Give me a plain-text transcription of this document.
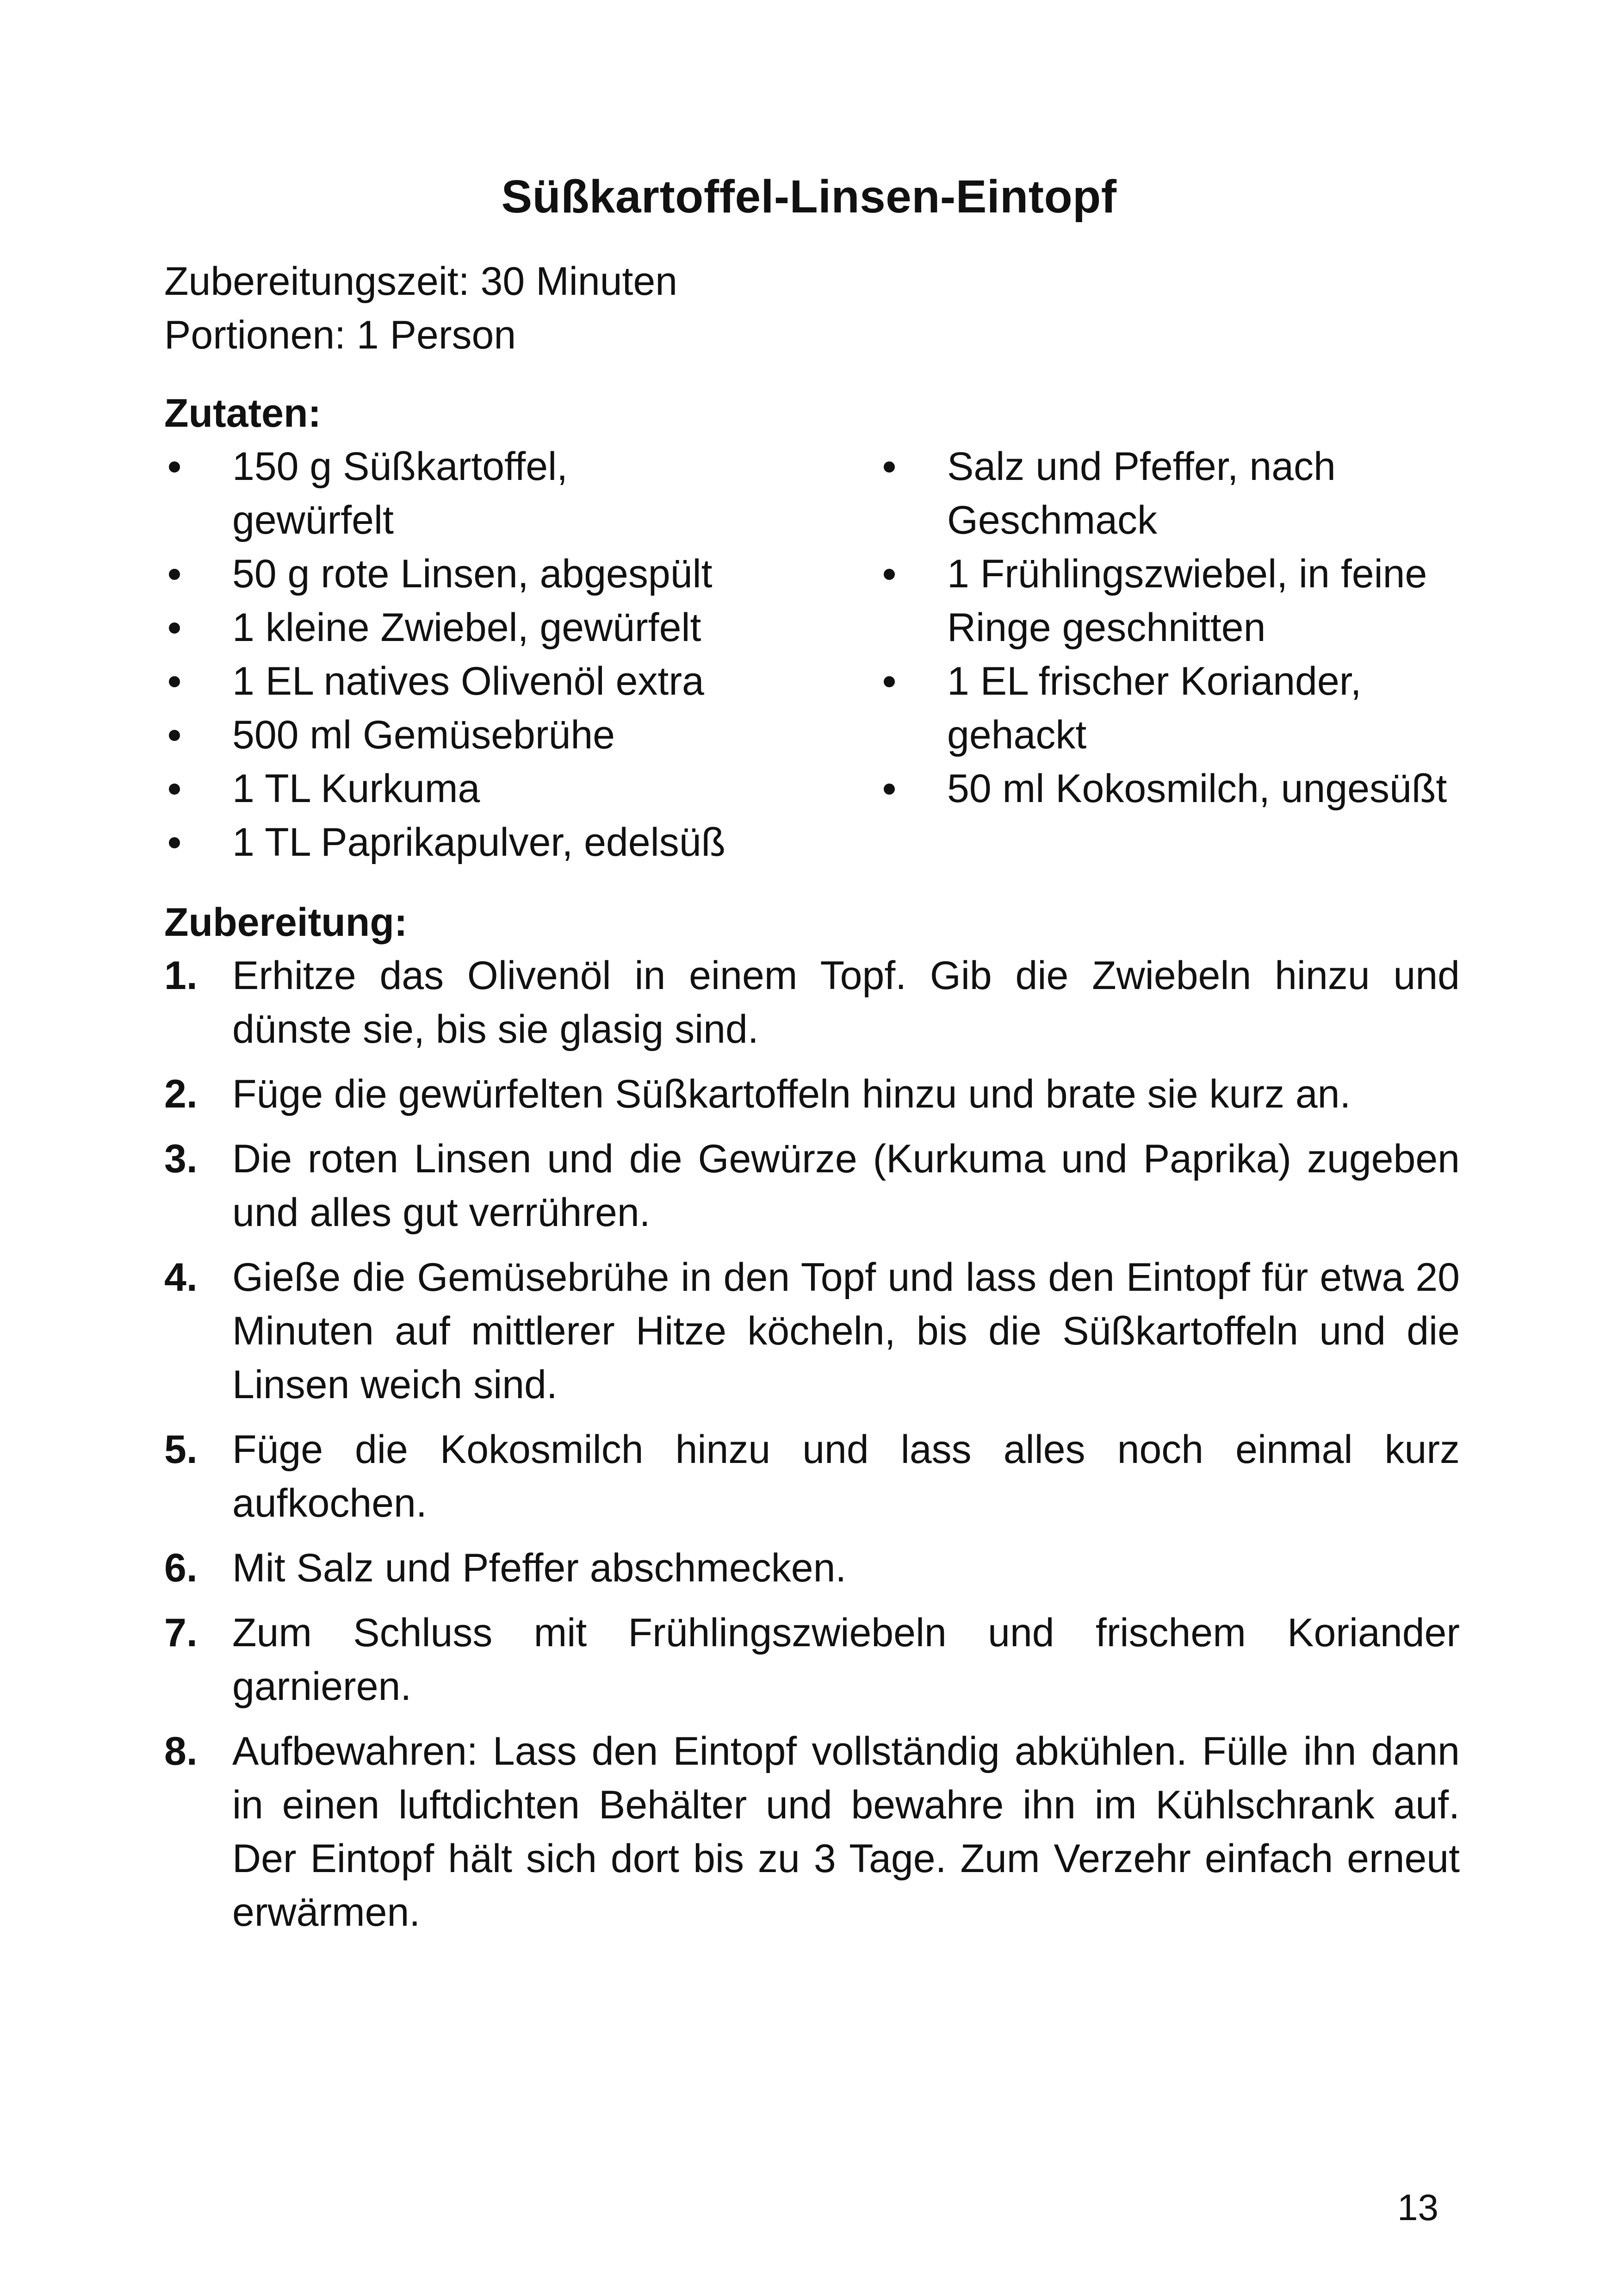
Süßkartoffel-Linsen-Eintopf
Zubereitungszeit: 30 Minuten
Portionen: 1 Person
Zutaten:
150 g Süßkartoffel, gewürfelt
50 g rote Linsen, abgespült
1 kleine Zwiebel, gewürfelt
1 EL natives Olivenöl extra
500 ml Gemüsebrühe
1 TL Kurkuma
1 TL Paprikapulver, edelsüß
Salz und Pfeffer, nach Geschmack
1 Frühlingszwiebel, in feine Ringe geschnitten
1 EL frischer Koriander, gehackt
50 ml Kokosmilch, ungesüßt
Zubereitung:
1. Erhitze das Olivenöl in einem Topf. Gib die Zwiebeln hinzu und dünste sie, bis sie glasig sind.
2. Füge die gewürfelten Süßkartoffeln hinzu und brate sie kurz an.
3. Die roten Linsen und die Gewürze (Kurkuma und Paprika) zugeben und alles gut verrühren.
4. Gieße die Gemüsebrühe in den Topf und lass den Eintopf für etwa 20 Minuten auf mittlerer Hitze köcheln, bis die Süßkartoffeln und die Linsen weich sind.
5. Füge die Kokosmilch hinzu und lass alles noch einmal kurz aufkochen.
6. Mit Salz und Pfeffer abschmecken.
7. Zum Schluss mit Frühlingszwiebeln und frischem Koriander garnieren.
8. Aufbewahren: Lass den Eintopf vollständig abkühlen. Fülle ihn dann in einen luftdichten Behälter und bewahre ihn im Kühlschrank auf. Der Eintopf hält sich dort bis zu 3 Tage. Zum Verzehr einfach erneut erwärmen.
13
